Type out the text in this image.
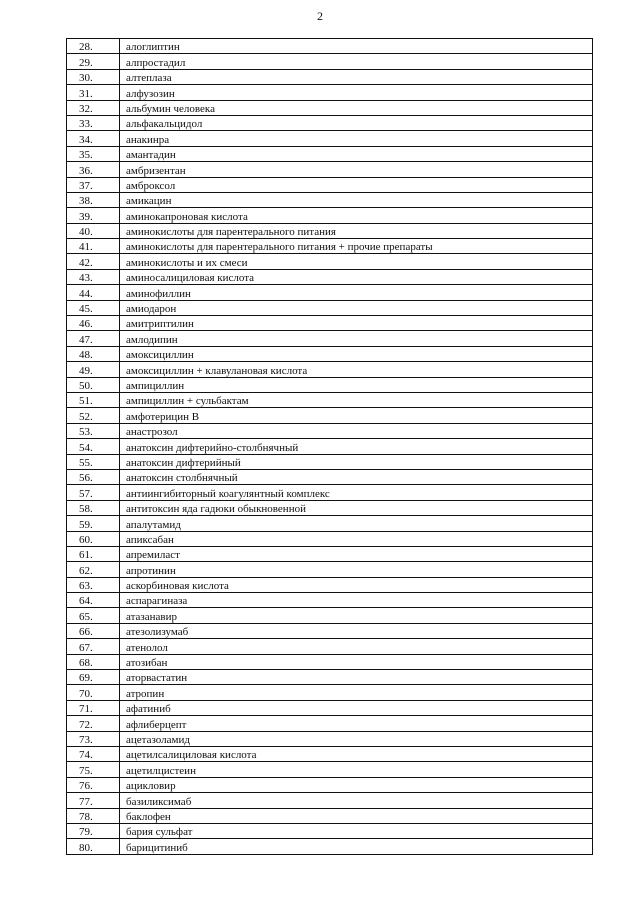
2
28.	алоглиптин
29.	алпростадил
30.	алтеплаза
31.	алфузозин
32.	альбумин человека
33.	альфакальцидол
34.	анакинра
35.	амантадин
36.	амбризентан
37.	амброксол
38.	амикацин
39.	аминокапроновая кислота
40.	аминокислоты для парентерального питания
41.	аминокислоты для парентерального питания + прочие препараты
42.	аминокислоты и их смеси
43.	аминосалициловая кислота
44.	аминофиллин
45.	амиодарон
46.	амитриптилин
47.	амлодипин
48.	амоксициллин
49.	амоксициллин + клавулановая кислота
50.	ампициллин
51.	ампициллин + сульбактам
52.	амфотерицин B
53.	анастрозол
54.	анатоксин дифтерийно-столбнячный
55.	анатоксин дифтерийный
56.	анатоксин столбнячный
57.	антиингибиторный коагулянтный комплекс
58.	антитоксин яда гадюки обыкновенной
59.	апалутамид
60.	апиксабан
61.	апремиласт
62.	апротинин
63.	аскорбиновая кислота
64.	аспарагиназа
65.	атазанавир
66.	атезолизумаб
67.	атенолол
68.	атозибан
69.	аторвастатин
70.	атропин
71.	афатиниб
72.	афлиберцепт
73.	ацетазоламид
74.	ацетилсалициловая кислота
75.	ацетилцистеин
76.	ацикловир
77.	базиликсимаб
78.	баклофен
79.	бария сульфат
80.	барицитиниб
